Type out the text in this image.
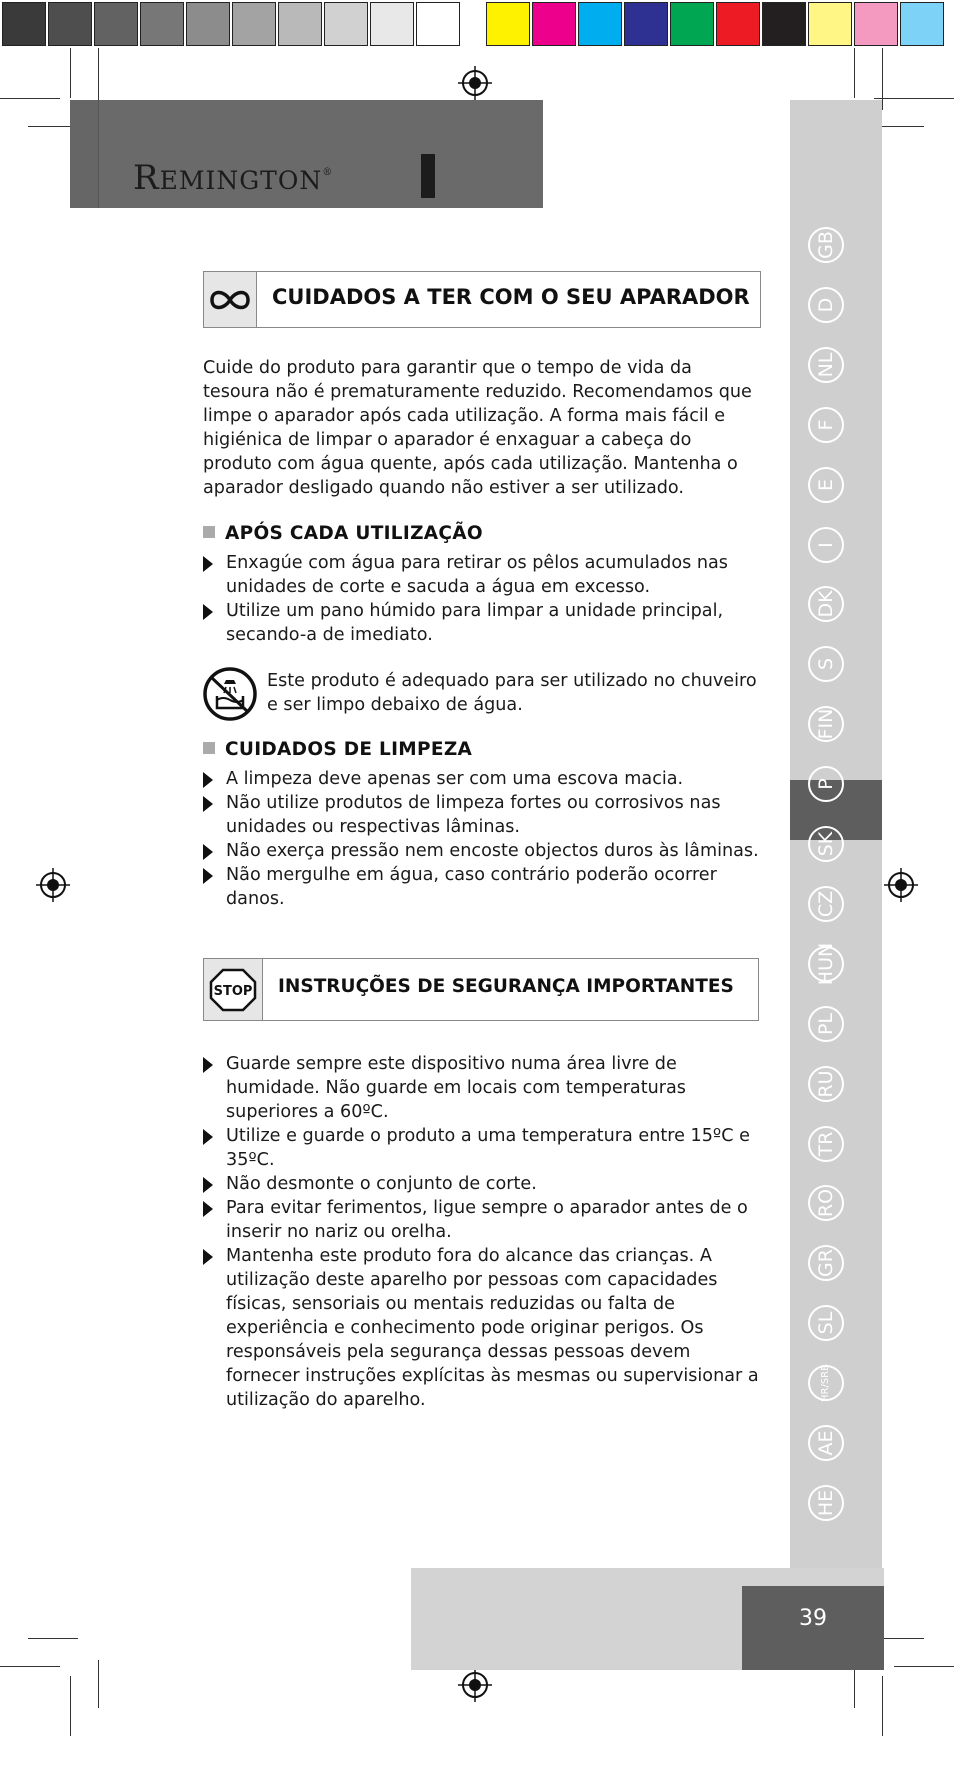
REMINGTON®
GB
D
NL
F
E
I
DK
S
FIN
P
SK
CZ
HUN
PL
RU
TR
RO
GR
SL
HR/SRB
AE
HE
39
CUIDADOS A TER COM O SEU APARADOR
Cuide do produto para garantir que o tempo de vida da tesoura não é prematuramente reduzido. Recomendamos que limpe o aparador após cada utilização. A forma mais fácil e higiénica de limpar o aparador é enxaguar a cabeça do produto com água quente, após cada utilização. Mantenha o aparador desligado quando não estiver a ser utilizado.
APÓS CADA UTILIZAÇÃO
Enxagúe com água para retirar os pêlos acumulados nas unidades de corte e sacuda a água em excesso.
Utilize um pano húmido para limpar a unidade principal, secando-a de imediato.
Este produto é adequado para ser utilizado no chuveiro e ser limpo debaixo de água.
CUIDADOS DE LIMPEZA
A limpeza deve apenas ser com uma escova macia.
Não utilize produtos de limpeza fortes ou corrosivos nas unidades ou respectivas lâminas.
Não exerça pressão nem encoste objectos duros às lâminas.
Não mergulhe em água, caso contrário poderão ocorrer danos.
STOP INSTRUÇÕES DE SEGURANÇA IMPORTANTES
Guarde sempre este dispositivo numa área livre de humidade. Não guarde em locais com temperaturas superiores a 60ºC.
Utilize e guarde o produto a uma temperatura entre 15ºC e 35ºC.
Não desmonte o conjunto de corte.
Para evitar ferimentos, ligue sempre o aparador antes de o inserir no nariz ou orelha.
Mantenha este produto fora do alcance das crianças. A utilização deste aparelho por pessoas com capacidades físicas, sensoriais ou mentais reduzidas ou falta de experiência e conhecimento pode originar perigos. Os responsáveis pela segurança dessas pessoas devem fornecer instruções explícitas às mesmas ou supervisionar a utilização do aparelho.
